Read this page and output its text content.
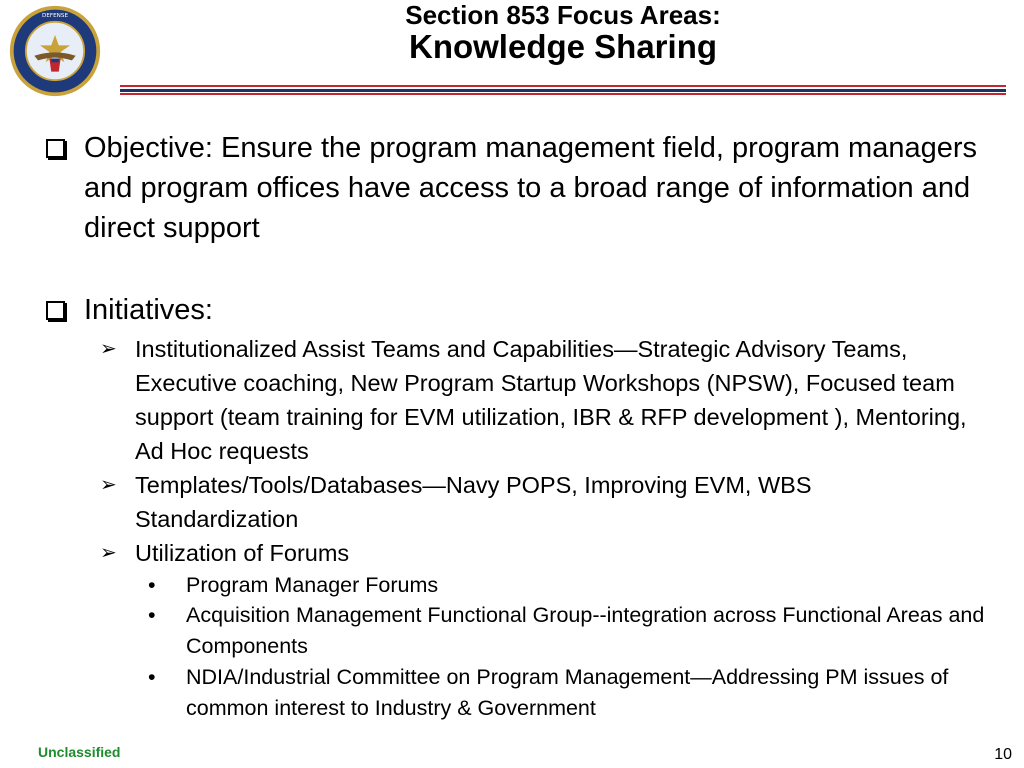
DEFENSE	Section 853 Focus Areas:
Knowledge Sharing
Objective: Ensure the program management field, program managers and program offices have access to a broad range of information and direct support
Initiatives:
➢ Institutionalized Assist Teams and Capabilities—Strategic Advisory Teams, Executive coaching, New Program Startup Workshops (NPSW), Focused team support (team training for EVM utilization, IBR & RFP development ), Mentoring, Ad Hoc requests
➢ Templates/Tools/Databases—Navy POPS, Improving EVM, WBS Standardization
➢ Utilization of Forums
• Program Manager Forums
• Acquisition Management Functional Group--integration across Functional Areas and Components
• NDIA/Industrial Committee on Program Management—Addressing PM issues of common interest to Industry & Government
Unclassified	10
